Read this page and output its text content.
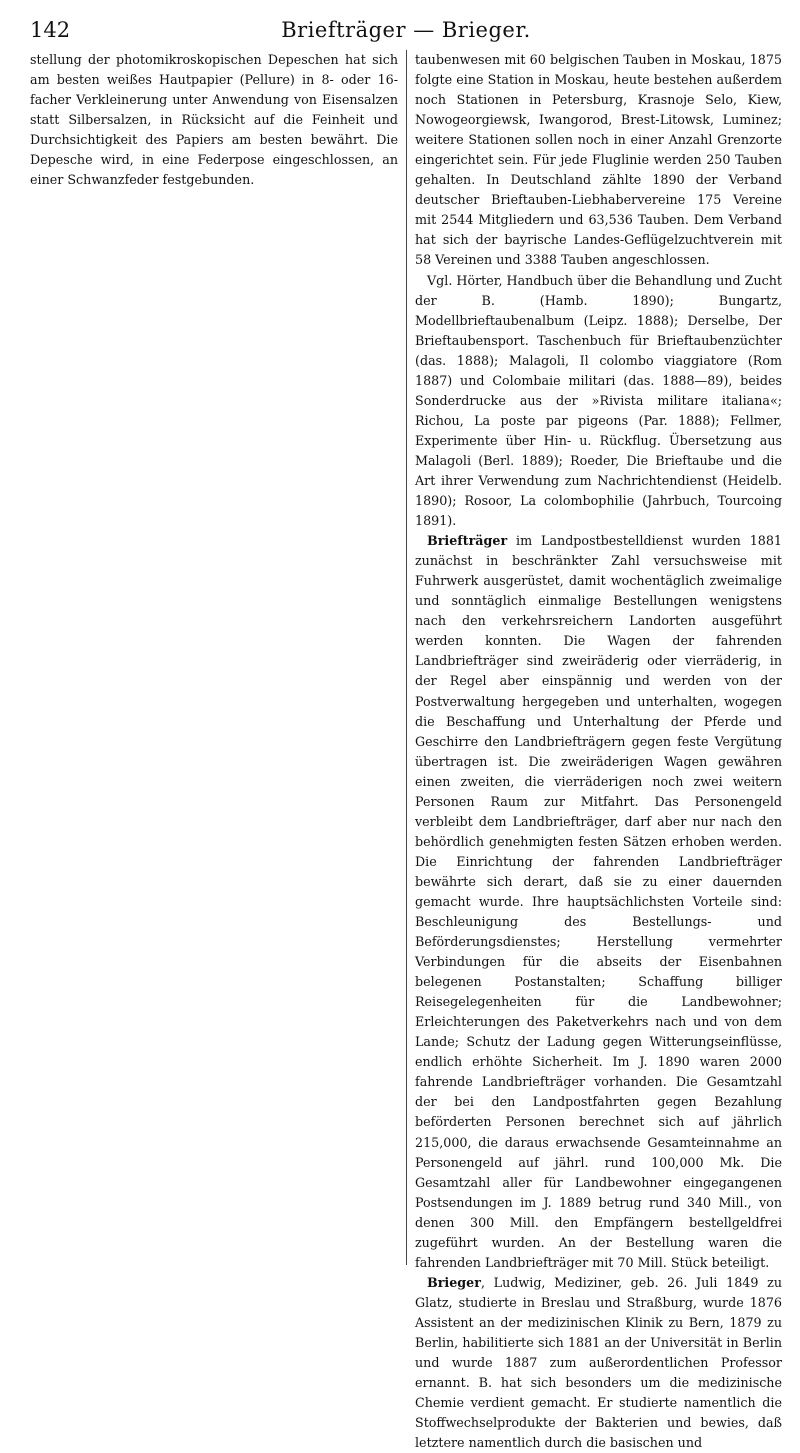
142	Briefträger — Brieger.

stellung der photomikroskopischen Depeschen hat sich am besten weißes Hautpapier (Pellure) in 8- oder 16-facher Verkleinerung unter Anwendung von Eisensalzen statt Silbersalzen, in Rücksicht auf die Feinheit und Durchsichtigkeit des Papiers am besten bewährt. Die Depesche wird, in eine Federpose eingeschlossen, an einer Schwanzfeder festgebunden.

taubenwesen mit 60 belgischen Tauben in Moskau, 1875 folgte eine Station in Moskau, heute bestehen außerdem noch Stationen in Petersburg, Krasnoje Selo, Kiew, Nowogeorgiewsk, Iwangorod, Brest-Litowsk, Luminez; weitere Stationen sollen noch in einer Anzahl Grenzorte eingerichtet sein. Für jede Fluglinie werden 250 Tauben gehalten. In Deutschland zählte 1890 der Verband deutscher Brieftauben-Liebhabervereine 175 Vereine mit 2544 Mitgliedern und 63,536 Tauben. Dem Verband hat sich der bayrische Landes-Geflügelzuchtverein mit 58 Vereinen und 3388 Tauben angeschlossen.

Vgl. Hörter, Handbuch über die Behandlung und Zucht der B. (Hamb. 1890); Bungartz, Modellbrieftaubenalbum (Leipz. 1888); Derselbe, Der Brieftaubensport. Taschenbuch für Brieftaubenzüchter (das. 1888); Malagoli, Il colombo viaggiatore (Rom 1887) und Colombaie militari (das. 1888—89), beides Sonderdrucke aus der »Rivista militare italiana«; Richou, La poste par pigeons (Par. 1888); Fellmer, Experimente über Hin- u. Rückflug. Übersetzung aus Malagoli (Berl. 1889); Roeder, Die Brieftaube und die Art ihrer Verwendung zum Nachrichtendienst (Heidelb. 1890); Rosoor, La colombophilie (Jahrbuch, Tourcoing 1891).

Briefträger im Landpostbestelldienst wurden 1881 zunächst in beschränkter Zahl versuchsweise mit Fuhrwerk ausgerüstet, damit wochentäglich zweimalige und sonntäglich einmalige Bestellungen wenigstens nach den verkehrsreichern Landorten ausgeführt werden konnten. Die Wagen der fahrenden Landbriefträger sind zweiräderig oder vierräderig, in der Regel aber einspännig und werden von der Postverwaltung hergegeben und unterhalten, wogegen die Beschaffung und Unterhaltung der Pferde und Geschirre den Landbriefträgern gegen feste Vergütung übertragen ist. Die zweiräderigen Wagen gewähren einen zweiten, die vierräderigen noch zwei weitern Personen Raum zur Mitfahrt. Das Personengeld verbleibt dem Landbriefträger, darf aber nur nach den behördlich genehmigten festen Sätzen erhoben werden. Die Einrichtung der fahrenden Landbriefträger bewährte sich derart, daß sie zu einer dauernden gemacht wurde. Ihre hauptsächlichsten Vorteile sind: Beschleunigung des Bestellungs- und Beförderungsdienstes; Herstellung vermehrter Verbindungen für die abseits der Eisenbahnen belegenen Postanstalten; Schaffung billiger Reisegelegenheiten für die Landbewohner; Erleichterungen des Paketverkehrs nach und von dem Lande; Schutz der Ladung gegen Witterungseinflüsse, endlich erhöhte Sicherheit. Im J. 1890 waren 2000 fahrende Landbriefträger vorhanden. Die Gesamtzahl der bei den Landpostfahrten gegen Bezahlung beförderten Personen berechnet sich auf jährlich 215,000, die daraus erwachsende Gesamteinnahme an Personengeld auf jährl. rund 100,000 Mk. Die Gesamtzahl aller für Landbewohner eingegangenen Postsendungen im J. 1889 betrug rund 340 Mill., von denen 300 Mill. den Empfängern bestellgeldfrei zugeführt wurden. An der Bestellung waren die fahrenden Landbriefträger mit 70 Mill. Stück beteiligt.

Brieger, Ludwig, Mediziner, geb. 26. Juli 1849 zu Glatz, studierte in Breslau und Straßburg, wurde 1876 Assistent an der medizinischen Klinik zu Bern, 1879 zu Berlin, habilitierte sich 1881 an der Universität in Berlin und wurde 1887 zum außerordentlichen Professor ernannt. B. hat sich besonders um die medizinische Chemie verdient gemacht. Er studierte namentlich die Stoffwechselprodukte der Bakterien und bewies, daß letztere namentlich durch die basischen und
